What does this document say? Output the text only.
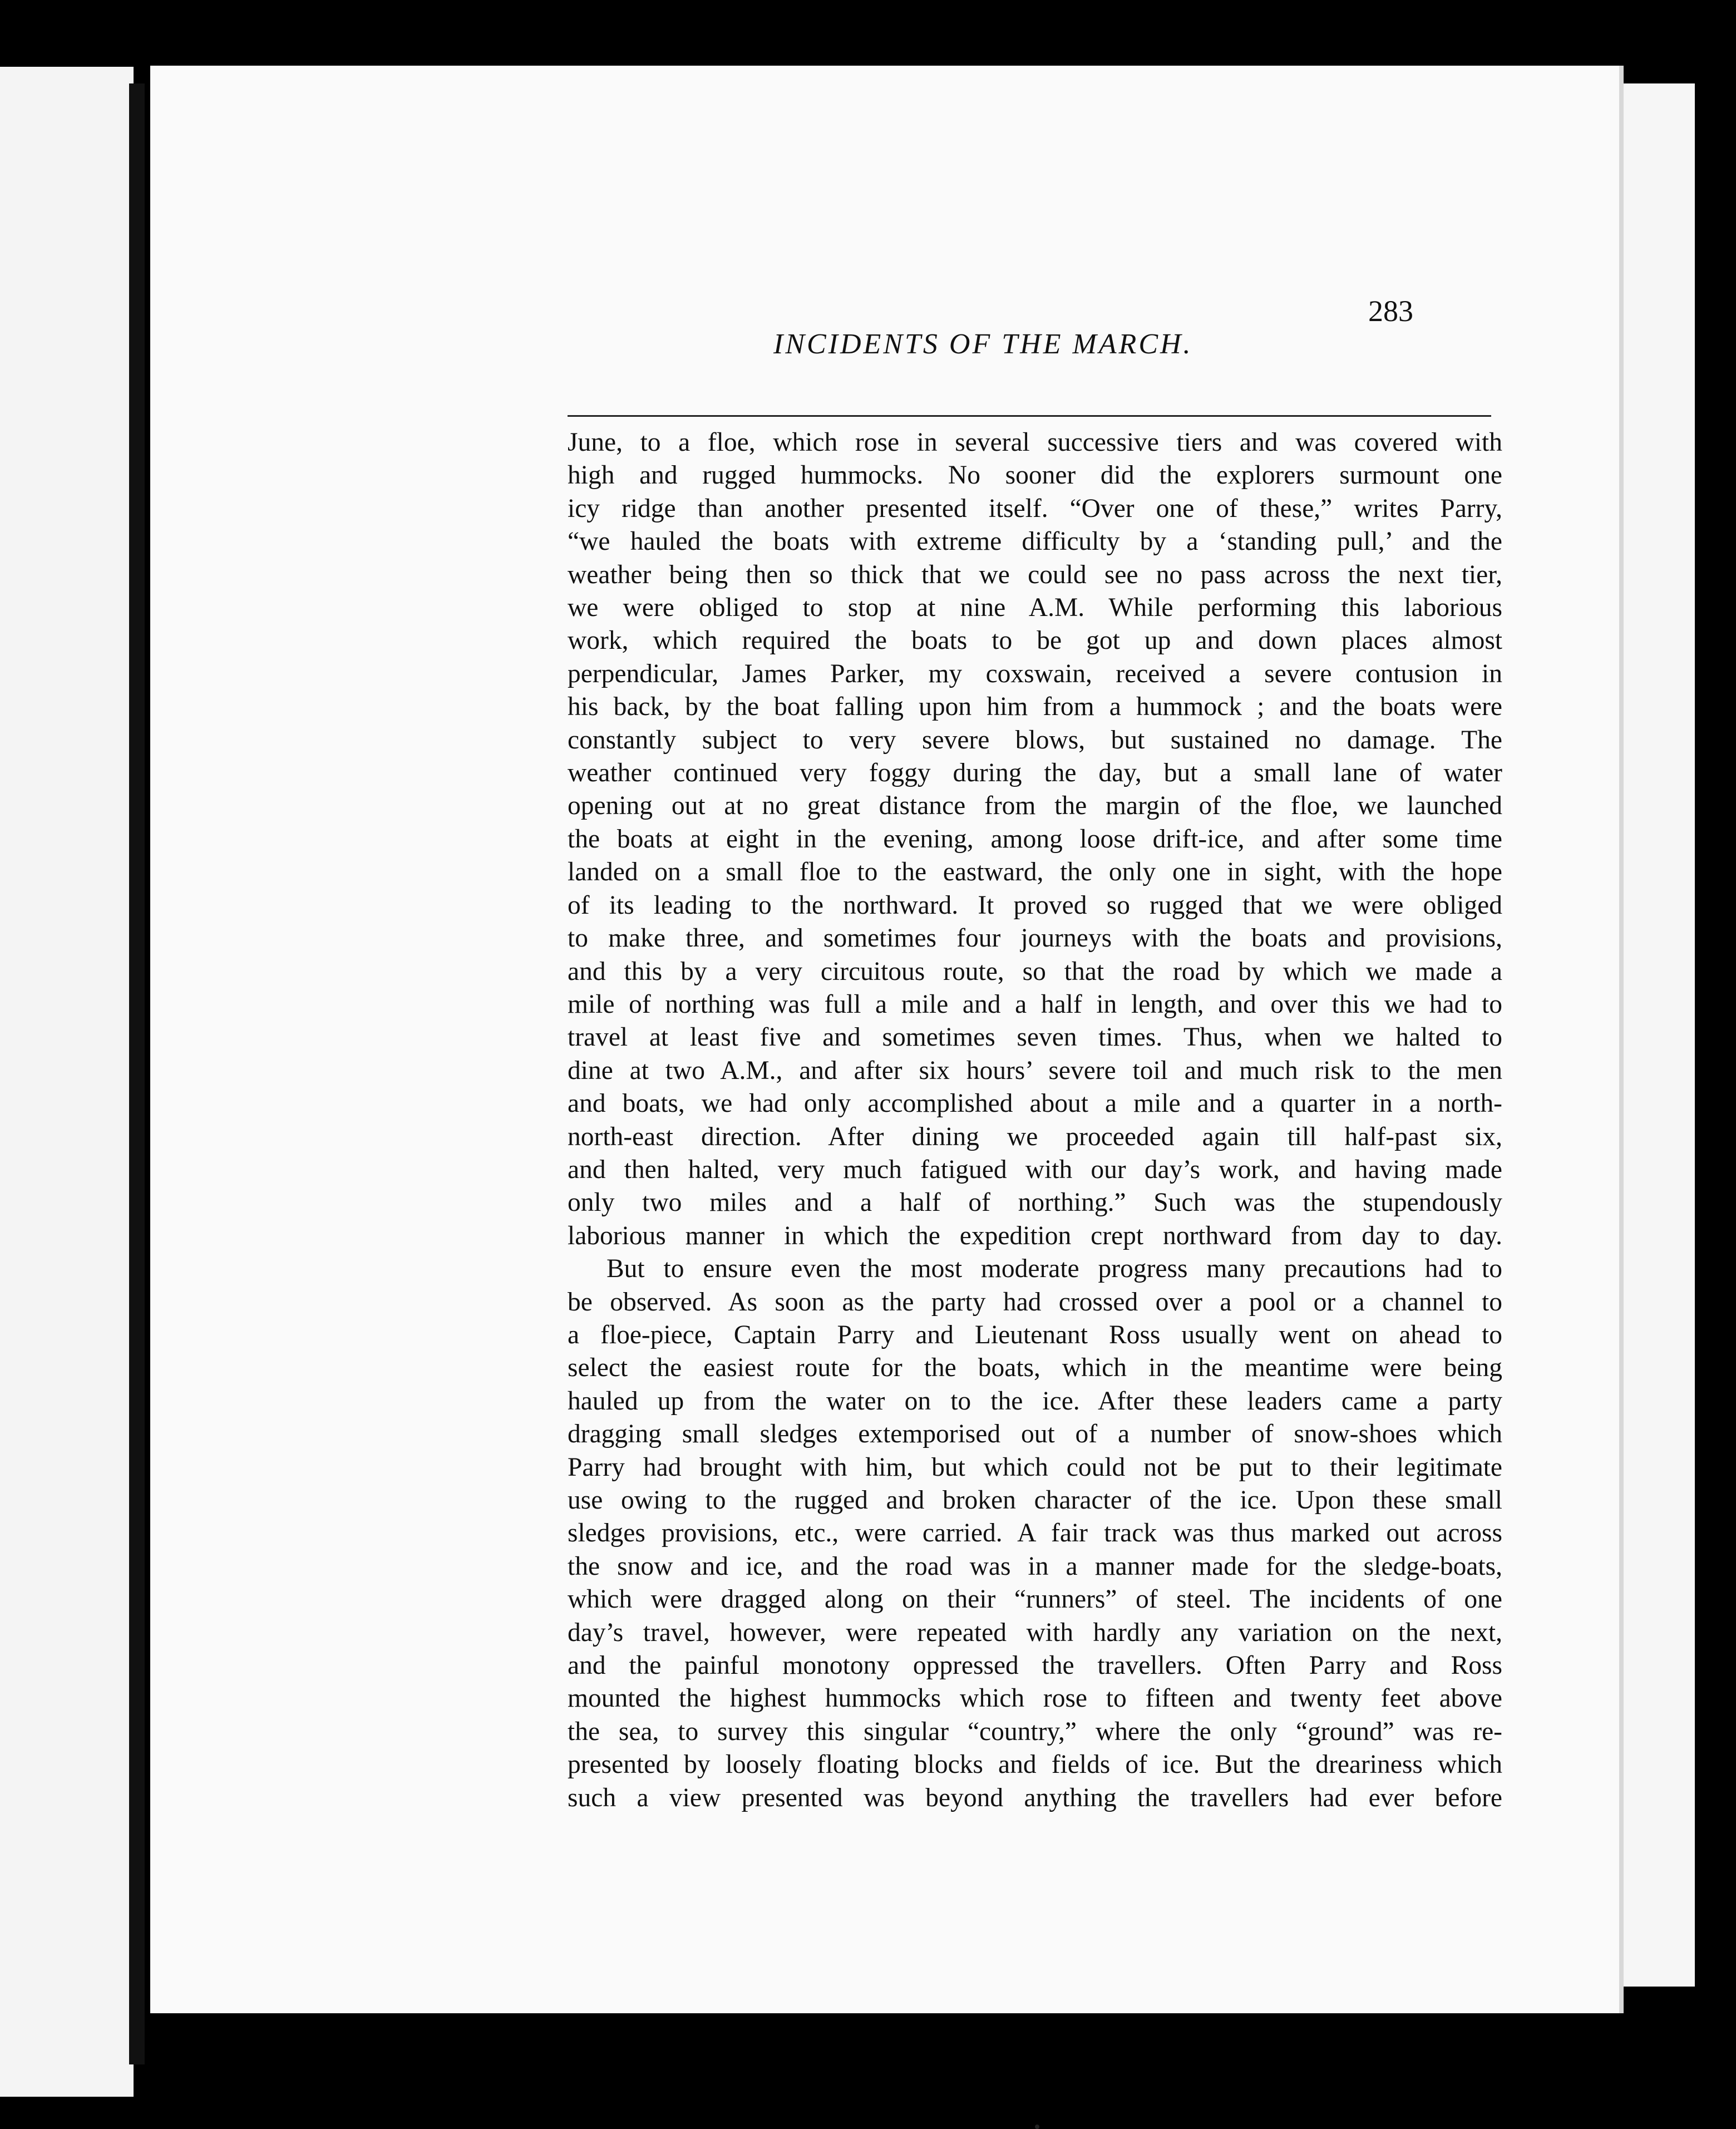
INCIDENTS OF THE MARCH.
283
June, to a floe, which rose in several successive tiers and was covered with
high and rugged hummocks. No sooner did the explorers surmount one
icy ridge than another presented itself. “Over one of these,” writes Parry,
“we hauled the boats with extreme difficulty by a ‘standing pull,’ and the
weather being then so thick that we could see no pass across the next tier,
we were obliged to stop at nine A.M. While performing this laborious
work, which required the boats to be got up and down places almost
perpendicular, James Parker, my coxswain, received a severe contusion in
his back, by the boat falling upon him from a hummock ; and the boats were
constantly subject to very severe blows, but sustained no damage. The
weather continued very foggy during the day, but a small lane of water
opening out at no great distance from the margin of the floe, we launched
the boats at eight in the evening, among loose drift-ice, and after some time
landed on a small floe to the eastward, the only one in sight, with the hope
of its leading to the northward. It proved so rugged that we were obliged
to make three, and sometimes four journeys with the boats and provisions,
and this by a very circuitous route, so that the road by which we made a
mile of northing was full a mile and a half in length, and over this we had to
travel at least five and sometimes seven times. Thus, when we halted to
dine at two A.M., and after six hours’ severe toil and much risk to the men
and boats, we had only accomplished about a mile and a quarter in a north-
north-east direction. After dining we proceeded again till half-past six,
and then halted, very much fatigued with our day’s work, and having made
only two miles and a half of northing.” Such was the stupendously
laborious manner in which the expedition crept northward from day to day.
But to ensure even the most moderate progress many precautions had to
be observed. As soon as the party had crossed over a pool or a channel to
a floe-piece, Captain Parry and Lieutenant Ross usually went on ahead to
select the easiest route for the boats, which in the meantime were being
hauled up from the water on to the ice. After these leaders came a party
dragging small sledges extemporised out of a number of snow-shoes which
Parry had brought with him, but which could not be put to their legitimate
use owing to the rugged and broken character of the ice. Upon these small
sledges provisions, etc., were carried. A fair track was thus marked out across
the snow and ice, and the road was in a manner made for the sledge-boats,
which were dragged along on their “runners” of steel. The incidents of one
day’s travel, however, were repeated with hardly any variation on the next,
and the painful monotony oppressed the travellers. Often Parry and Ross
mounted the highest hummocks which rose to fifteen and twenty feet above
the sea, to survey this singular “country,” where the only “ground” was re-
presented by loosely floating blocks and fields of ice. But the dreariness which
such a view presented was beyond anything the travellers had ever before
